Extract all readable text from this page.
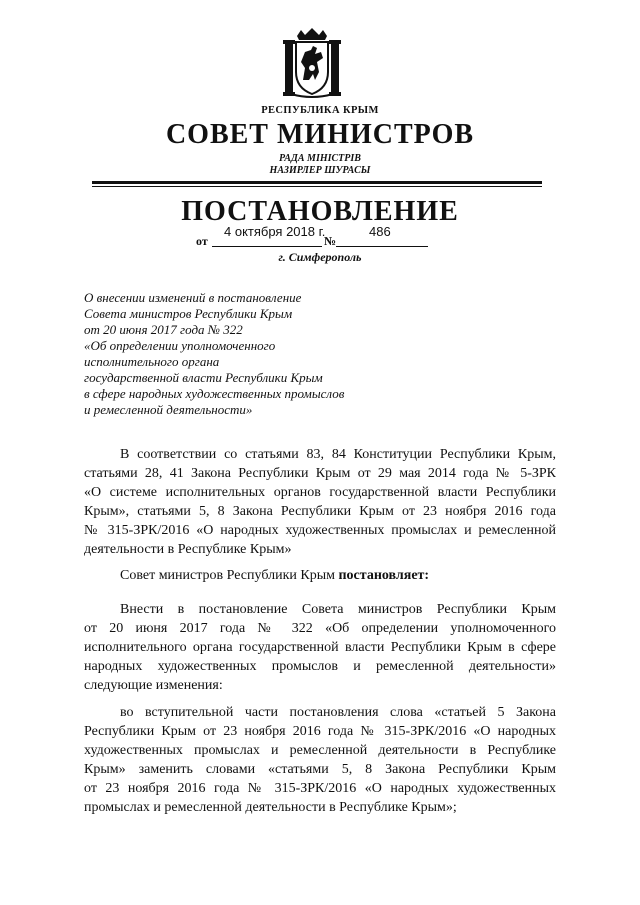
РЕСПУБЛИКА КРЫМ
СОВЕТ МИНИСТРОВ
РАДА МІНІСТРІВ
НАЗИРЛЕР ШУРАСЫ
ПОСТАНОВЛЕНИЕ
от
4 октября 2018 г.
№
486
г. Симферополь
О внесении изменений в постановление
Совета министров Республики Крым
от 20 июня 2017 года № 322
«Об определении уполномоченного
исполнительного органа
государственной власти Республики Крым
в сфере народных художественных промыслов
и ремесленной деятельности»
В соответствии со статьями 83, 84 Конституции Республики Крым,
статьями 28, 41 Закона Республики Крым от 29 мая 2014 года № 5-ЗРК
«О системе исполнительных органов государственной власти Республики
Крым», статьями 5, 8 Закона Республики Крым от 23 ноября 2016 года
№ 315-ЗРК/2016 «О народных художественных промыслах и ремесленной
деятельности в Республике Крым»
Совет министров Республики Крым постановляет:
Внести в постановление Совета министров Республики Крым
от 20 июня 2017 года № 322 «Об определении уполномоченного
исполнительного органа государственной власти Республики Крым в сфере
народных художественных промыслов и ремесленной деятельности»
следующие изменения:
во вступительной части постановления слова «статьей 5 Закона
Республики Крым от 23 ноября 2016 года № 315-ЗРК/2016 «О народных
художественных промыслах и ремесленной деятельности в Республике
Крым» заменить словами «статьями 5, 8 Закона Республики Крым
от 23 ноября 2016 года № 315-ЗРК/2016 «О народных художественных
промыслах и ремесленной деятельности в Республике Крым»;
